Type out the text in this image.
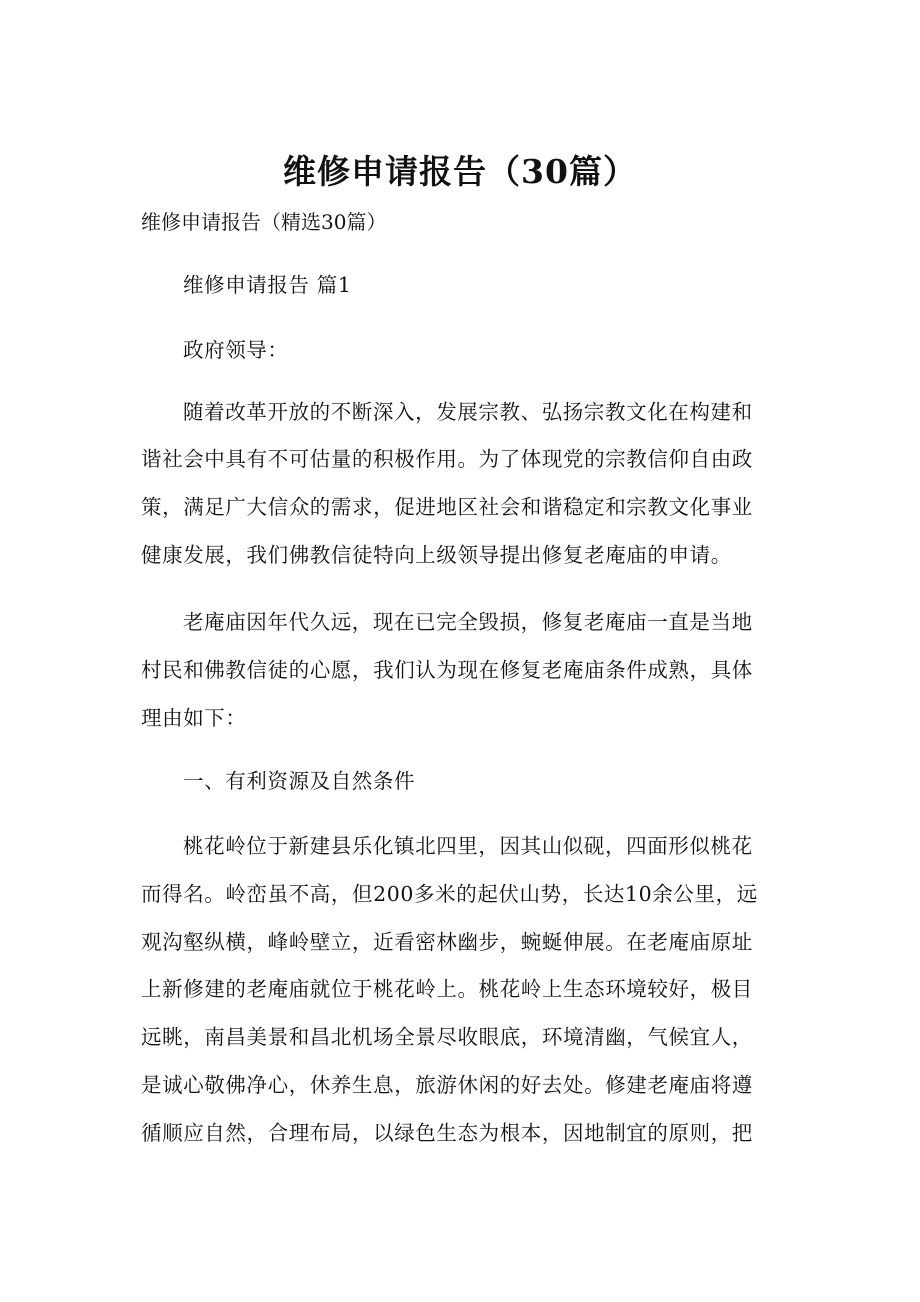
维修申请报告（30篇）

维修申请报告（精选30篇）

维修申请报告 篇1

政府领导：

随着改革开放的不断深入，发展宗教、弘扬宗教文化在构建和

谐社会中具有不可估量的积极作用。为了体现党的宗教信仰自由政

策，满足广大信众的需求，促进地区社会和谐稳定和宗教文化事业

健康发展，我们佛教信徒特向上级领导提出修复老庵庙的申请。

老庵庙因年代久远，现在已完全毁损，修复老庵庙一直是当地

村民和佛教信徒的心愿，我们认为现在修复老庵庙条件成熟，具体

理由如下：

一、有利资源及自然条件

桃花岭位于新建县乐化镇北四里，因其山似砚，四面形似桃花

而得名。岭峦虽不高，但200多米的起伏山势，长达10余公里，远

观沟壑纵横，峰岭壁立，近看密林幽步，蜿蜒伸展。在老庵庙原址

上新修建的老庵庙就位于桃花岭上。桃花岭上生态环境较好，极目

远眺，南昌美景和昌北机场全景尽收眼底，环境清幽，气候宜人，

是诚心敬佛净心，休养生息，旅游休闲的好去处。修建老庵庙将遵

循顺应自然，合理布局，以绿色生态为根本，因地制宜的原则，把
